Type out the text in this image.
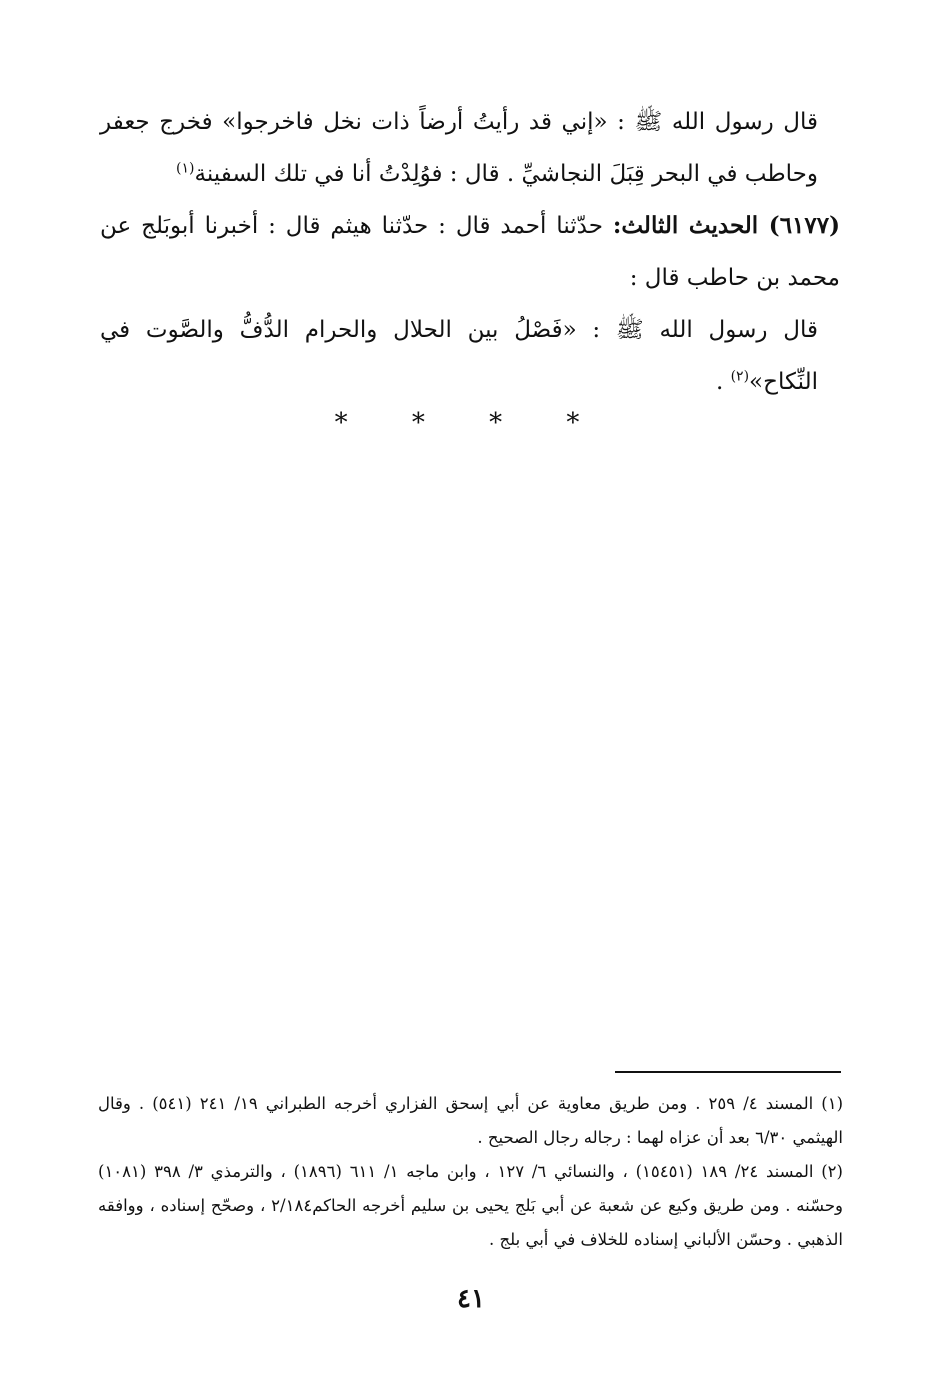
قال رسول الله ﷺ : «إني قد رأيتُ أرضاً ذات نخل فاخرجوا» فخرج جعفر وحاطب في البحر قِبَلَ النجاشيِّ . قال : فوُلِدْتُ أنا في تلك السفينة$^{(١)}$

(٦١٧٧) الحديث الثالث: حدّثنا أحمد قال : حدّثنا هيثم قال : أخبرنا أبوبَلج عن محمد بن حاطب قال :

قال رسول الله ﷺ : «فَصْلُ بين الحلال والحرام الدُّفُّ والصَّوت في النِّكاح»$^{(٢)}$ .

* * * *

(١) المسند ٤/ ٢٥٩ . ومن طريق معاوية عن أبي إسحق الفزاري أخرجه الطبراني ١٩/ ٢٤١ (٥٤١) . وقال الهيثمي ٦/٣٠ بعد أن عزاه لهما : رجاله رجال الصحيح .

(٢) المسند ٢٤/ ١٨٩ (١٥٤٥١) ، والنسائي ٦/ ١٢٧ ، وابن ماجه ١/ ٦١١ (١٨٩٦) ، والترمذي ٣/ ٣٩٨ (١٠٨١) وحسّنه . ومن طريق وكيع عن شعبة عن أبي بَلج يحيى بن سليم أخرجه الحاكم٢/١٨٤ ، وصحّح إسناده ، ووافقه الذهبي . وحسّن الألباني إسناده للخلاف في أبي بلج .

٤١
